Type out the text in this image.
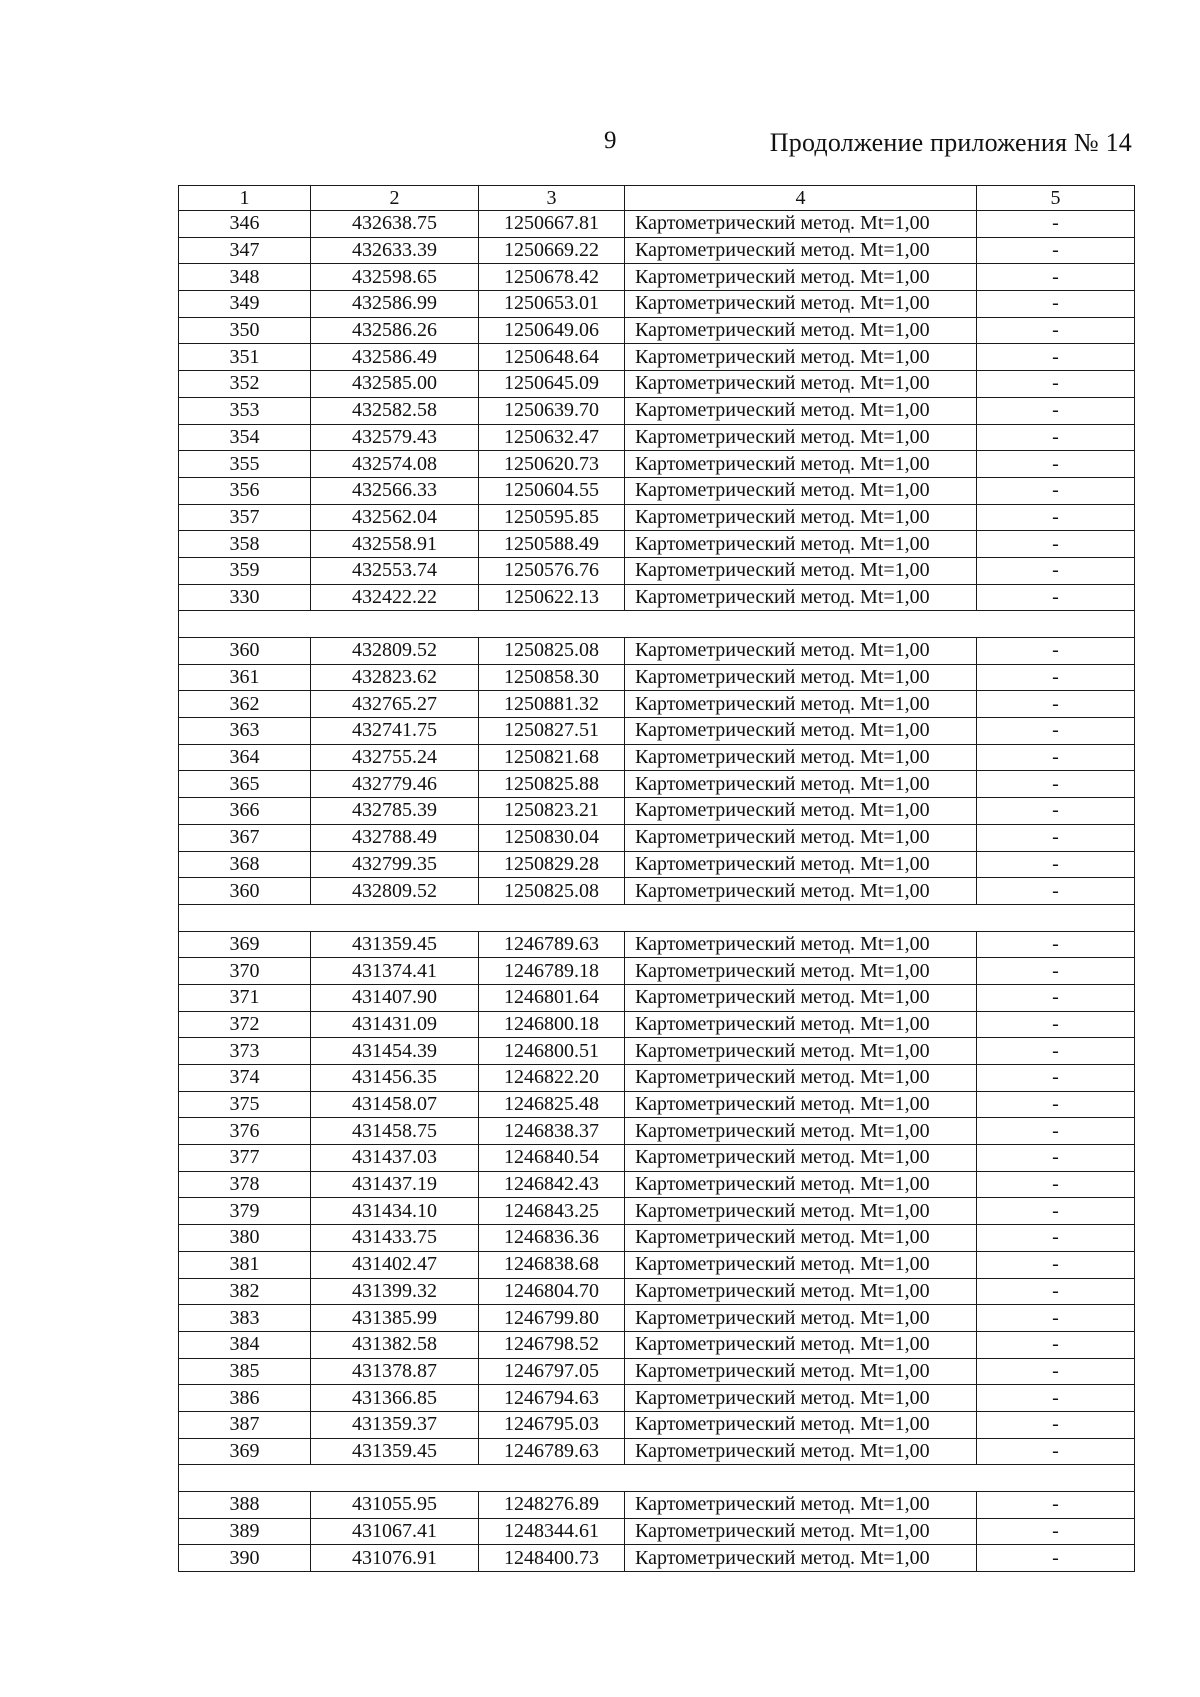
9	Продолжение приложения № 14
1	2	3	4	5
346	432638.75	1250667.81	Картометрический метод. Mt=1,00	-
347	432633.39	1250669.22	Картометрический метод. Mt=1,00	-
348	432598.65	1250678.42	Картометрический метод. Mt=1,00	-
349	432586.99	1250653.01	Картометрический метод. Mt=1,00	-
350	432586.26	1250649.06	Картометрический метод. Mt=1,00	-
351	432586.49	1250648.64	Картометрический метод. Mt=1,00	-
352	432585.00	1250645.09	Картометрический метод. Mt=1,00	-
353	432582.58	1250639.70	Картометрический метод. Mt=1,00	-
354	432579.43	1250632.47	Картометрический метод. Mt=1,00	-
355	432574.08	1250620.73	Картометрический метод. Mt=1,00	-
356	432566.33	1250604.55	Картометрический метод. Mt=1,00	-
357	432562.04	1250595.85	Картометрический метод. Mt=1,00	-
358	432558.91	1250588.49	Картометрический метод. Mt=1,00	-
359	432553.74	1250576.76	Картометрический метод. Mt=1,00	-
330	432422.22	1250622.13	Картометрический метод. Mt=1,00	-

360	432809.52	1250825.08	Картометрический метод. Mt=1,00	-
361	432823.62	1250858.30	Картометрический метод. Mt=1,00	-
362	432765.27	1250881.32	Картометрический метод. Mt=1,00	-
363	432741.75	1250827.51	Картометрический метод. Mt=1,00	-
364	432755.24	1250821.68	Картометрический метод. Mt=1,00	-
365	432779.46	1250825.88	Картометрический метод. Mt=1,00	-
366	432785.39	1250823.21	Картометрический метод. Mt=1,00	-
367	432788.49	1250830.04	Картометрический метод. Mt=1,00	-
368	432799.35	1250829.28	Картометрический метод. Mt=1,00	-
360	432809.52	1250825.08	Картометрический метод. Mt=1,00	-

369	431359.45	1246789.63	Картометрический метод. Mt=1,00	-
370	431374.41	1246789.18	Картометрический метод. Mt=1,00	-
371	431407.90	1246801.64	Картометрический метод. Mt=1,00	-
372	431431.09	1246800.18	Картометрический метод. Mt=1,00	-
373	431454.39	1246800.51	Картометрический метод. Mt=1,00	-
374	431456.35	1246822.20	Картометрический метод. Mt=1,00	-
375	431458.07	1246825.48	Картометрический метод. Mt=1,00	-
376	431458.75	1246838.37	Картометрический метод. Mt=1,00	-
377	431437.03	1246840.54	Картометрический метод. Mt=1,00	-
378	431437.19	1246842.43	Картометрический метод. Mt=1,00	-
379	431434.10	1246843.25	Картометрический метод. Mt=1,00	-
380	431433.75	1246836.36	Картометрический метод. Mt=1,00	-
381	431402.47	1246838.68	Картометрический метод. Mt=1,00	-
382	431399.32	1246804.70	Картометрический метод. Mt=1,00	-
383	431385.99	1246799.80	Картометрический метод. Mt=1,00	-
384	431382.58	1246798.52	Картометрический метод. Mt=1,00	-
385	431378.87	1246797.05	Картометрический метод. Mt=1,00	-
386	431366.85	1246794.63	Картометрический метод. Mt=1,00	-
387	431359.37	1246795.03	Картометрический метод. Mt=1,00	-
369	431359.45	1246789.63	Картометрический метод. Mt=1,00	-

388	431055.95	1248276.89	Картометрический метод. Mt=1,00	-
389	431067.41	1248344.61	Картометрический метод. Mt=1,00	-
390	431076.91	1248400.73	Картометрический метод. Mt=1,00	-
